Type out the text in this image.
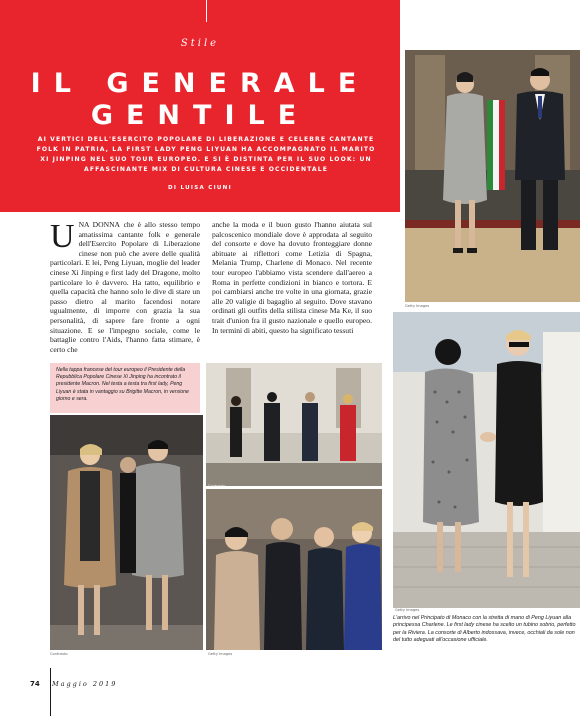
Stile
IL GENERALE
GENTILE
AI VERTICI DELL'ESERCITO POPOLARE DI LIBERAZIONE E CELEBRE CANTANTE FOLK IN PATRIA, LA FIRST LADY PENG LIYUAN HA ACCOMPAGNATO IL MARITO XI JINPING NEL SUO TOUR EUROPEO. E SI È DISTINTA PER IL SUO LOOK: UN AFFASCINANTE MIX DI CULTURA CINESE E OCCIDENTALE
DI LUISA CIUNI
Getty Images
UNA DONNA che è allo stesso tempo amatissima cantante folk e generale dell'Esercito Popolare di Liberazione cinese non può che avere delle qualità particolari. E lei, Peng Liyuan, moglie del leader cinese Xi Jinping e first lady del Dragone, molto particolare lo è davvero. Ha tatto, equilibrio e quella capacità che hanno solo le dive di stare un passo dietro al marito facendosi notare ugualmente, di imporre con grazia la sua personalità, di sapere fare fronte a ogni situazione. E se l'impegno sociale, come le battaglie contro l'Aids, l'hanno fatta stimare, è certo che
anche la moda e il buon gusto l'hanno aiutata sul palcoscenico mondiale dove è approdata al seguito del consorte e dove ha dovuto fronteggiare donne abituate ai riflettori come Letizia di Spagna, Melania Trump, Charlene di Monaco. Nel recente tour europeo l'abbiamo vista scendere dall'aereo a Roma in perfette condizioni in bianco e tortora. E poi cambiarsi anche tre volte in una giornata, grazie alle 20 valigie di bagaglio al seguito. Dove stavano ordinati gli outfits della stilista cinese Ma Ke, il suo trait d'union fra il gusto nazionale e quello europeo. In termini di abiti, questo ha significato tessuti
Getty Images
Nella tappa francese del tour europeo il Presidente della Repubblica Popolare Cinese Xi Jinping ha incontrato il presidente Macron. Nel testa a testa tra first lady, Peng Liyuan è stata in vantaggio su Brigitte Macron, in versione giorno e sera.
Contrasto
Contrasto	Getty Images
L'arrivo nel Principato di Monaco con la stretta di mano di Peng Liyuan alla principessa Charlene. Le first lady cinese ha scelto un tubino sobrio, perfetto per la Riviera. La consorte di Alberto indossava, invece, occhiali da sole non del tutto adeguati all'occasione ufficiale.
74 Maggio 2019
